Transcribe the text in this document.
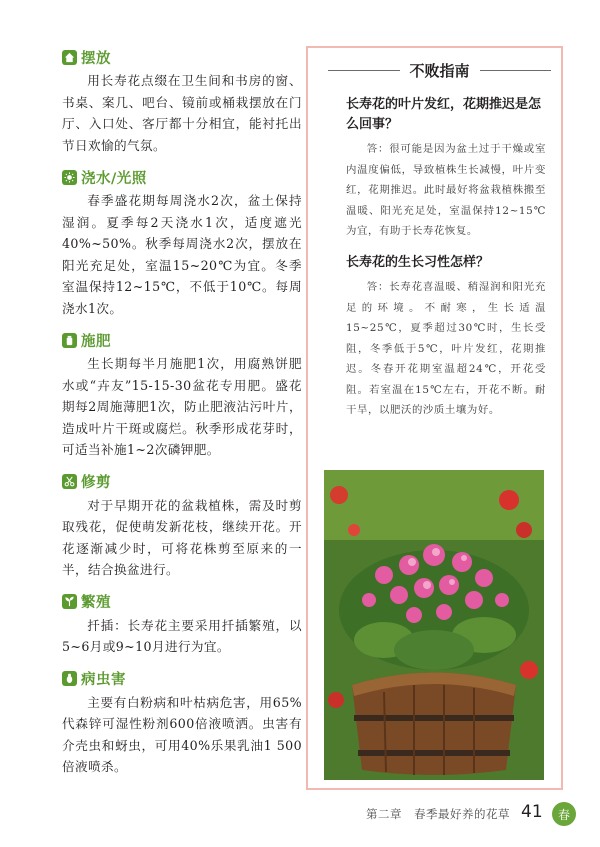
摆放

用长寿花点缀在卫生间和书房的窗、书桌、案几、吧台、镜前或桶栽摆放在门厅、入口处、客厅都十分相宜，能衬托出节日欢愉的气氛。

浇水/光照

春季盛花期每周浇水2次，盆土保持湿润。夏季每2天浇水1次，适度遮光40%~50%。秋季每周浇水2次，摆放在阳光充足处，室温15~20℃为宜。冬季室温保持12~15℃，不低于10℃。每周浇水1次。

施肥

生长期每半月施肥1次，用腐熟饼肥水或“卉友”15-15-30盆花专用肥。盛花期每2周施薄肥1次，防止肥液沾污叶片，造成叶片干斑或腐烂。秋季形成花芽时，可适当补施1~2次磷钾肥。

修剪

对于早期开花的盆栽植株，需及时剪取残花，促使萌发新花枝，继续开花。开花逐渐减少时，可将花株剪至原来的一半，结合换盆进行。

繁殖

扦插：长寿花主要采用扦插繁殖，以5~6月或9~10月进行为宜。

病虫害

主要有白粉病和叶枯病危害，用65%代森锌可湿性粉剂600倍液喷洒。虫害有介壳虫和蚜虫，可用40%乐果乳油1 500倍液喷杀。

不败指南

长寿花的叶片发红，花期推迟是怎么回事？

答：很可能是因为盆土过于干燥或室内温度偏低，导致植株生长减慢，叶片变红，花期推迟。此时最好将盆栽植株搬至温暖、阳光充足处，室温保持12~15℃为宜，有助于长寿花恢复。

长寿花的生长习性怎样？

答：长寿花喜温暖、稍湿润和阳光充足的环境。不耐寒，生长适温15~25℃，夏季超过30℃时，生长受阻，冬季低于5℃，叶片发红，花期推迟。冬春开花期室温超24℃，开花受阻。若室温在15℃左右，开花不断。耐干旱，以肥沃的沙质土壤为好。

第二章　春季最好养的花草 41	春
